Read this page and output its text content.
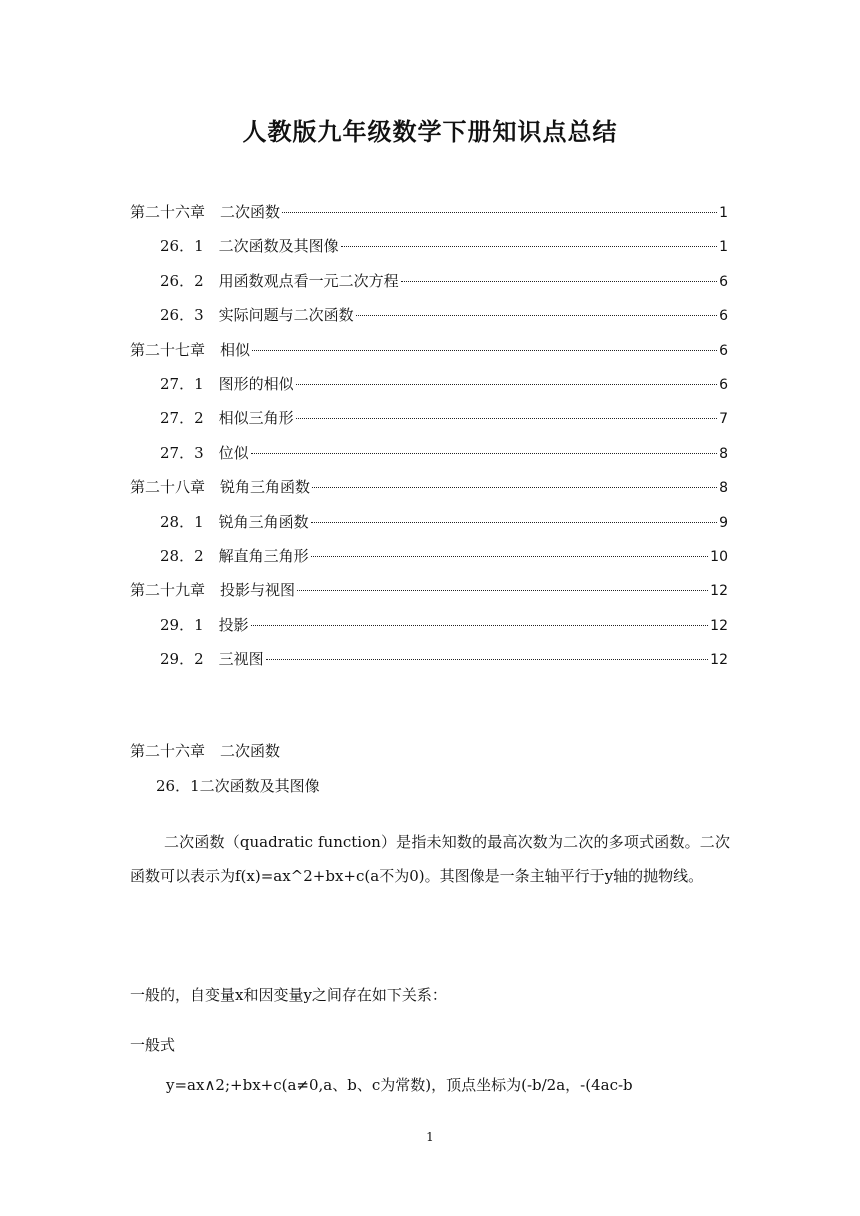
人教版九年级数学下册知识点总结
第二十六章　二次函数	1
26．1　二次函数及其图像	1
26．2　用函数观点看一元二次方程	6
26．3　实际问题与二次函数	6
第二十七章　相似	6
27．1　图形的相似	6
27．2　相似三角形	7
27．3　位似	8
第二十八章　锐角三角函数	8
28．1　锐角三角函数	9
28．2　解直角三角形	10
第二十九章　投影与视图	12
29．1　投影	12
29．2　三视图	12
第二十六章　二次函数
26．1二次函数及其图像

二次函数（quadratic function）是指未知数的最高次数为二次的多项式函数。二次函数可以表示为f(x)=ax^2+bx+c(a不为0)。其图像是一条主轴平行于y轴的抛物线。

一般的，自变量x和因变量y之间存在如下关系：
一般式
y=ax∧2;+bx+c(a≠0,a、b、c为常数)，顶点坐标为(-b/2a，-(4ac-b
1
